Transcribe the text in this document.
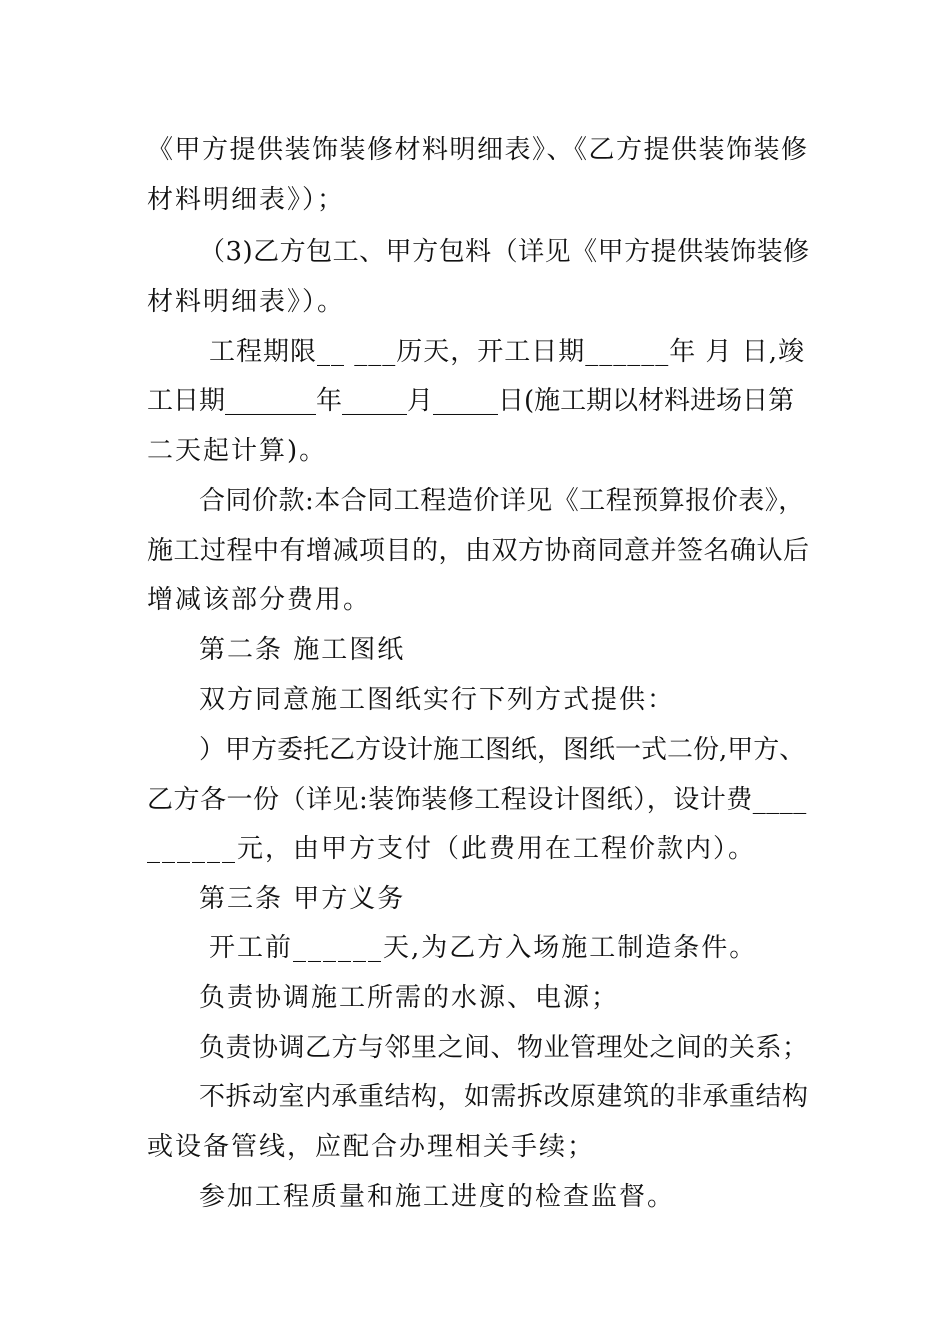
《甲方提供装饰装修材料明细表》、《乙方提供装饰装修

材料明细表》）；

（3)乙方包工、甲方包料（详见《甲方提供装饰装修

材料明细表》）。

工程期限__ ___历天，开工日期______年 月 日,竣

工日期_______年_____月_____日(施工期以材料进场日第

二天起计算)。

合同价款:本合同工程造价详见《工程预算报价表》，

施工过程中有增减项目的，由双方协商同意并签名确认后

增减该部分费用。

第二条 施工图纸

双方同意施工图纸实行下列方式提供：

）甲方委托乙方设计施工图纸，图纸一式二份,甲方、

乙方各一份（详见:装饰装修工程设计图纸），设计费____

______元，由甲方支付（此费用在工程价款内）。

第三条 甲方义务

开工前______天,为乙方入场施工制造条件。

负责协调施工所需的水源、电源；

负责协调乙方与邻里之间、物业管理处之间的关系；

不拆动室内承重结构，如需拆改原建筑的非承重结构

或设备管线，应配合办理相关手续；

参加工程质量和施工进度的检查监督。
